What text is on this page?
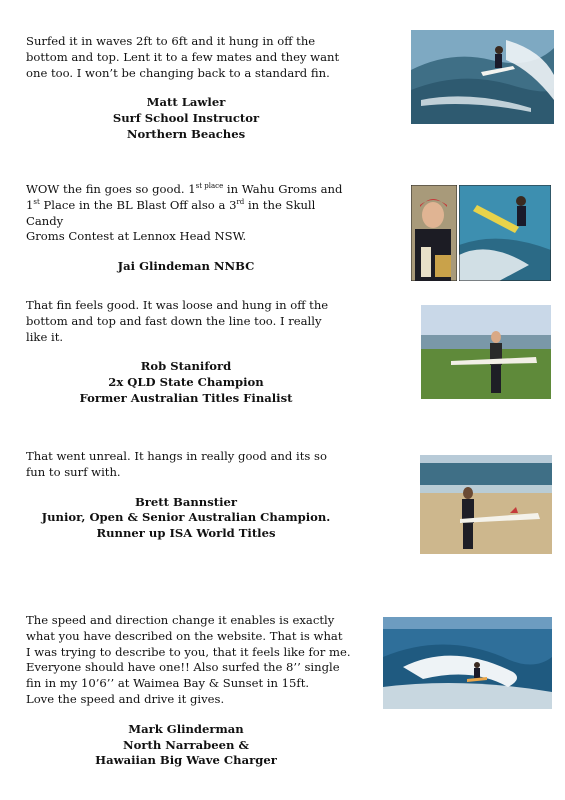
Surfed it in waves 2ft to 6ft and it hung in off the
bottom and top. Lent it to a few mates and they want
one too. I won’t be changing back to a standard fin.

Matt Lawler
Surf School Instructor
Northern Beaches

WOW the fin goes so good. $1^{st place}$ in Wahu Groms and
1st Place in the BL Blast Off also a 3rd in the Skull Candy
Groms Contest at Lennox Head NSW.

Jai Glindeman NNBC

That fin feels good. It was loose and hung in off the
bottom and top and fast down the line too. I really
like it.

Rob Staniford
2x QLD State Champion
Former Australian Titles Finalist

That went unreal. It hangs in really good and its so
fun to surf with.

Brett Bannstier
Junior, Open & Senior Australian Champion.
Runner up ISA World Titles

The speed and direction change it enables is exactly
what you have described on the website. That is what
I was trying to describe to you, that it feels like for me.
Everyone should have one!! Also surfed the 8’’ single
fin in my 10’6’’ at Waimea Bay & Sunset in 15ft.
Love the speed and drive it gives.

Mark Glinderman
North Narrabeen &
Hawaiian Big Wave Charger
